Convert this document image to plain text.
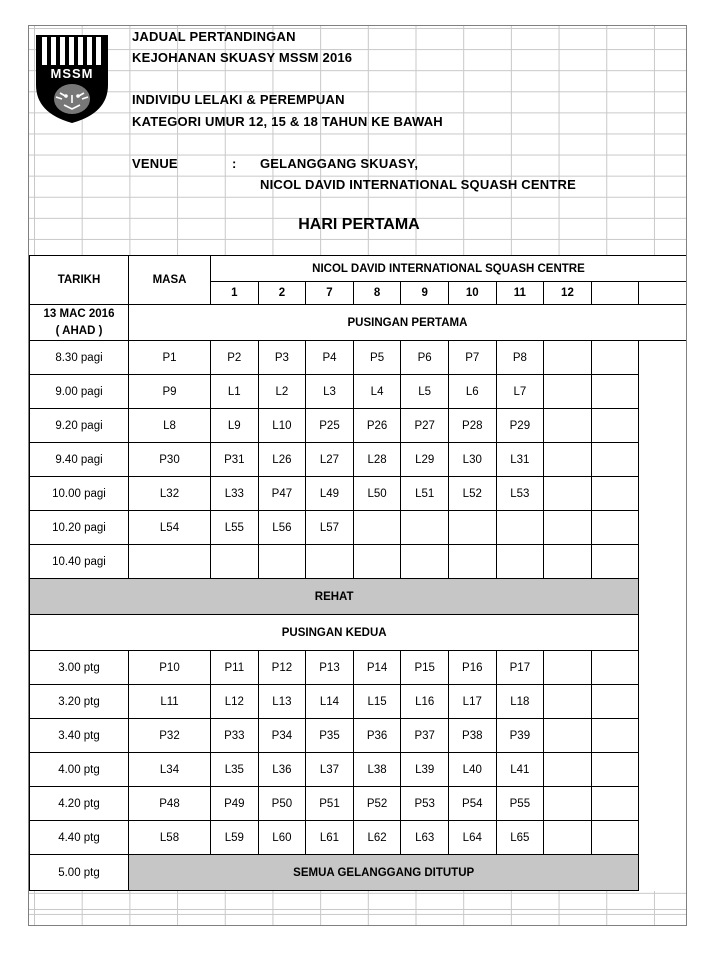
MSSM
JADUAL PERTANDINGAN
KEJOHANAN SKUASY MSSM 2016
INDIVIDU LELAKI & PEREMPUAN
KATEGORI UMUR 12, 15 & 18 TAHUN KE BAWAH
VENUE	: GELANGGANG SKUASY,
NICOL DAVID INTERNATIONAL SQUASH CENTRE
HARI PERTAMA
TARIKH	MASA	NICOL DAVID INTERNATIONAL SQUASH CENTRE									
		1	2	7	8	9	10	11	12		
13 MAC 2016
( AHAD )	PUSINGAN PERTAMA										
8.30 pagi	P1	P2	P3	P4	P5	P6	P7	P8			
9.00 pagi	P9	L1	L2	L3	L4	L5	L6	L7			
9.20 pagi	L8	L9	L10	P25	P26	P27	P28	P29			
9.40 pagi	P30	P31	L26	L27	L28	L29	L30	L31			
10.00 pagi	L32	L33	P47	L49	L50	L51	L52	L53			
10.20 pagi	L54	L55	L56	L57							
10.40 pagi											
REHAT											
PUSINGAN KEDUA											
3.00 ptg	P10	P11	P12	P13	P14	P15	P16	P17			
3.20 ptg	L11	L12	L13	L14	L15	L16	L17	L18			
3.40 ptg	P32	P33	P34	P35	P36	P37	P38	P39			
4.00 ptg	L34	L35	L36	L37	L38	L39	L40	L41			
4.20 ptg	P48	P49	P50	P51	P52	P53	P54	P55			
4.40 ptg	L58	L59	L60	L61	L62	L63	L64	L65			
5.00 ptg	SEMUA GELANGGANG DITUTUP										
